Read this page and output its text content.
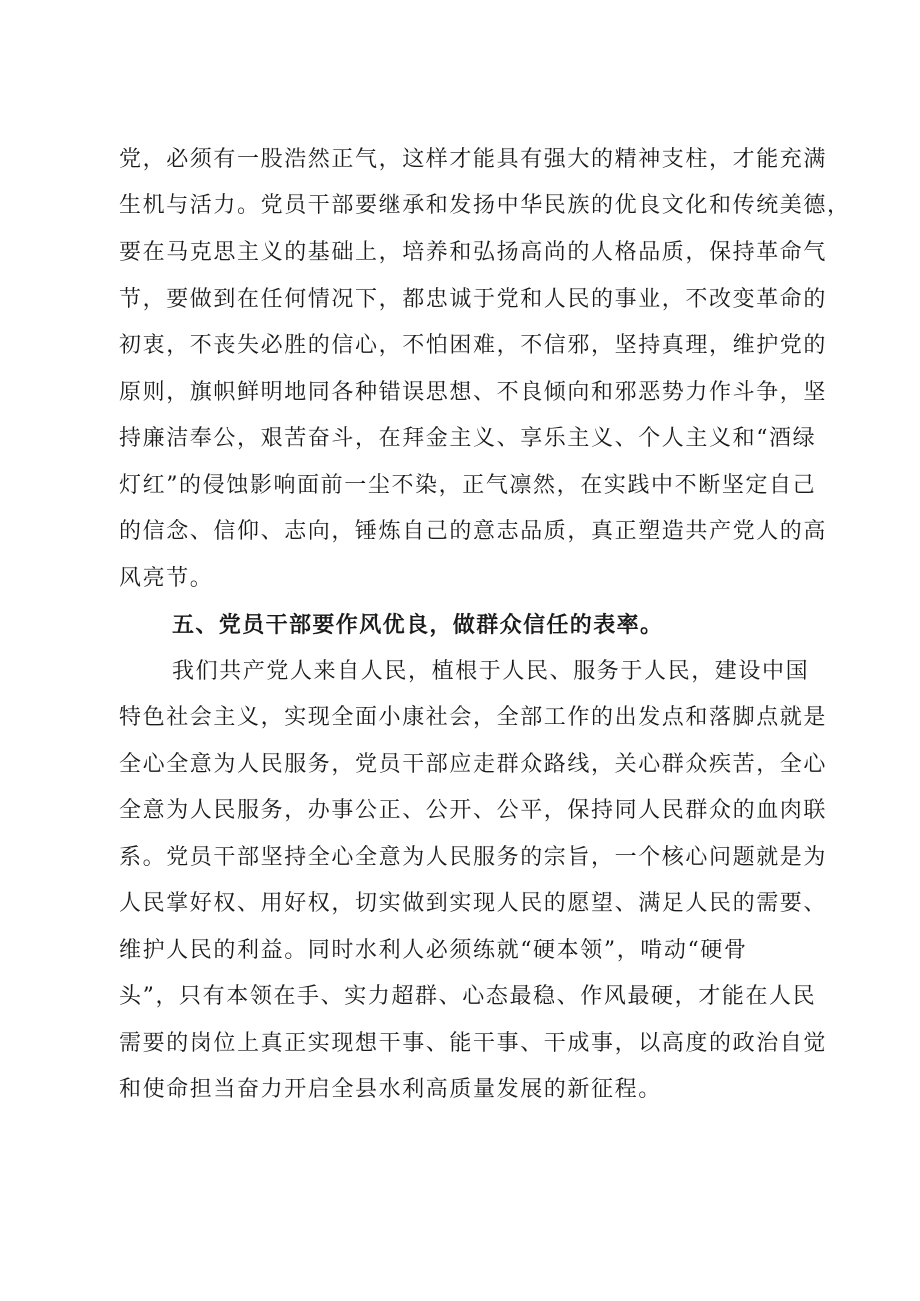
党，必须有一股浩然正气，这样才能具有强大的精神支柱，才能充满
生机与活力。党员干部要继承和发扬中华民族的优良文化和传统美德，
要在马克思主义的基础上，培养和弘扬高尚的人格品质，保持革命气
节，要做到在任何情况下，都忠诚于党和人民的事业，不改变革命的
初衷，不丧失必胜的信心，不怕困难，不信邪，坚持真理，维护党的
原则，旗帜鲜明地同各种错误思想、不良倾向和邪恶势力作斗争，坚
持廉洁奉公，艰苦奋斗，在拜金主义、享乐主义、个人主义和“酒绿
灯红”的侵蚀影响面前一尘不染，正气凛然，在实践中不断坚定自己
的信念、信仰、志向，锤炼自己的意志品质，真正塑造共产党人的高
风亮节。
五、党员干部要作风优良，做群众信任的表率。
我们共产党人来自人民，植根于人民、服务于人民，建设中国
特色社会主义，实现全面小康社会，全部工作的出发点和落脚点就是
全心全意为人民服务，党员干部应走群众路线，关心群众疾苦，全心
全意为人民服务，办事公正、公开、公平，保持同人民群众的血肉联
系。党员干部坚持全心全意为人民服务的宗旨，一个核心问题就是为
人民掌好权、用好权，切实做到实现人民的愿望、满足人民的需要、
维护人民的利益。同时水利人必须练就“硬本领”，啃动“硬骨
头”，只有本领在手、实力超群、心态最稳、作风最硬，才能在人民
需要的岗位上真正实现想干事、能干事、干成事，以高度的政治自觉
和使命担当奋力开启全县水利高质量发展的新征程。
